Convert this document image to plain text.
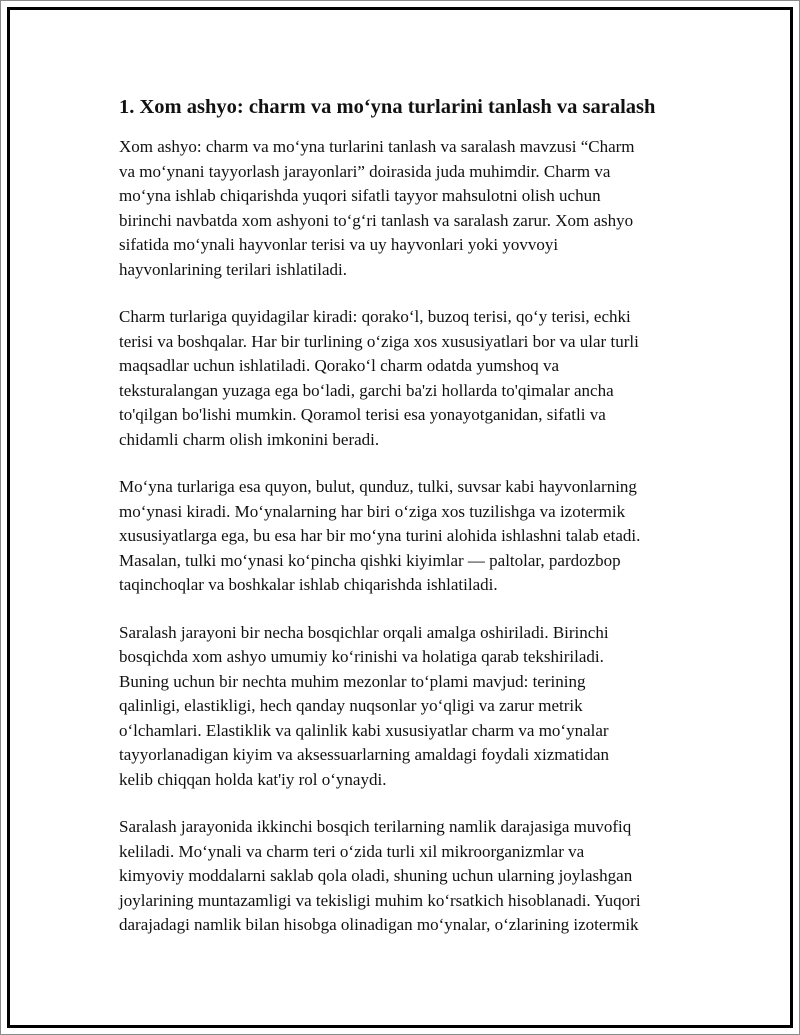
1. Xom ashyo: charm va mo‘yna turlarini tanlash va saralash

Xom ashyo: charm va mo‘yna turlarini tanlash va saralash mavzusi “Charm
va mo‘ynani tayyorlash jarayonlari” doirasida juda muhimdir. Charm va
mo‘yna ishlab chiqarishda yuqori sifatli tayyor mahsulotni olish uchun
birinchi navbatda xom ashyoni to‘g‘ri tanlash va saralash zarur. Xom ashyo
sifatida mo‘ynali hayvonlar terisi va uy hayvonlari yoki yovvoyi
hayvonlarining terilari ishlatiladi.

Charm turlariga quyidagilar kiradi: qorako‘l, buzoq terisi, qo‘y terisi, echki
terisi va boshqalar. Har bir turlining o‘ziga xos xususiyatlari bor va ular turli
maqsadlar uchun ishlatiladi. Qorako‘l charm odatda yumshoq va
teksturalangan yuzaga ega bo‘ladi, garchi ba'zi hollarda to'qimalar ancha
to'qilgan bo'lishi mumkin. Qoramol terisi esa yonayotganidan, sifatli va
chidamli charm olish imkonini beradi.

Mo‘yna turlariga esa quyon, bulut, qunduz, tulki, suvsar kabi hayvonlarning
mo‘ynasi kiradi. Mo‘ynalarning har biri o‘ziga xos tuzilishga va izotermik
xususiyatlarga ega, bu esa har bir mo‘yna turini alohida ishlashni talab etadi.
Masalan, tulki mo‘ynasi ko‘pincha qishki kiyimlar — paltolar, pardozbop
taqinchoqlar va boshkalar ishlab chiqarishda ishlatiladi.

Saralash jarayoni bir necha bosqichlar orqali amalga oshiriladi. Birinchi
bosqichda xom ashyo umumiy ko‘rinishi va holatiga qarab tekshiriladi.
Buning uchun bir nechta muhim mezonlar to‘plami mavjud: terining
qalinligi, elastikligi, hech qanday nuqsonlar yo‘qligi va zarur metrik
o‘lchamlari. Elastiklik va qalinlik kabi xususiyatlar charm va mo‘ynalar
tayyorlanadigan kiyim va aksessuarlarning amaldagi foydali xizmatidan
kelib chiqqan holda kat'iy rol o‘ynaydi.

Saralash jarayonida ikkinchi bosqich terilarning namlik darajasiga muvofiq
keliladi. Mo‘ynali va charm teri o‘zida turli xil mikroorganizmlar va
kimyoviy moddalarni saklab qola oladi, shuning uchun ularning joylashgan
joylarining muntazamligi va tekisligi muhim ko‘rsatkich hisoblanadi. Yuqori
darajadagi namlik bilan hisobga olinadigan mo‘ynalar, o‘zlarining izotermik
